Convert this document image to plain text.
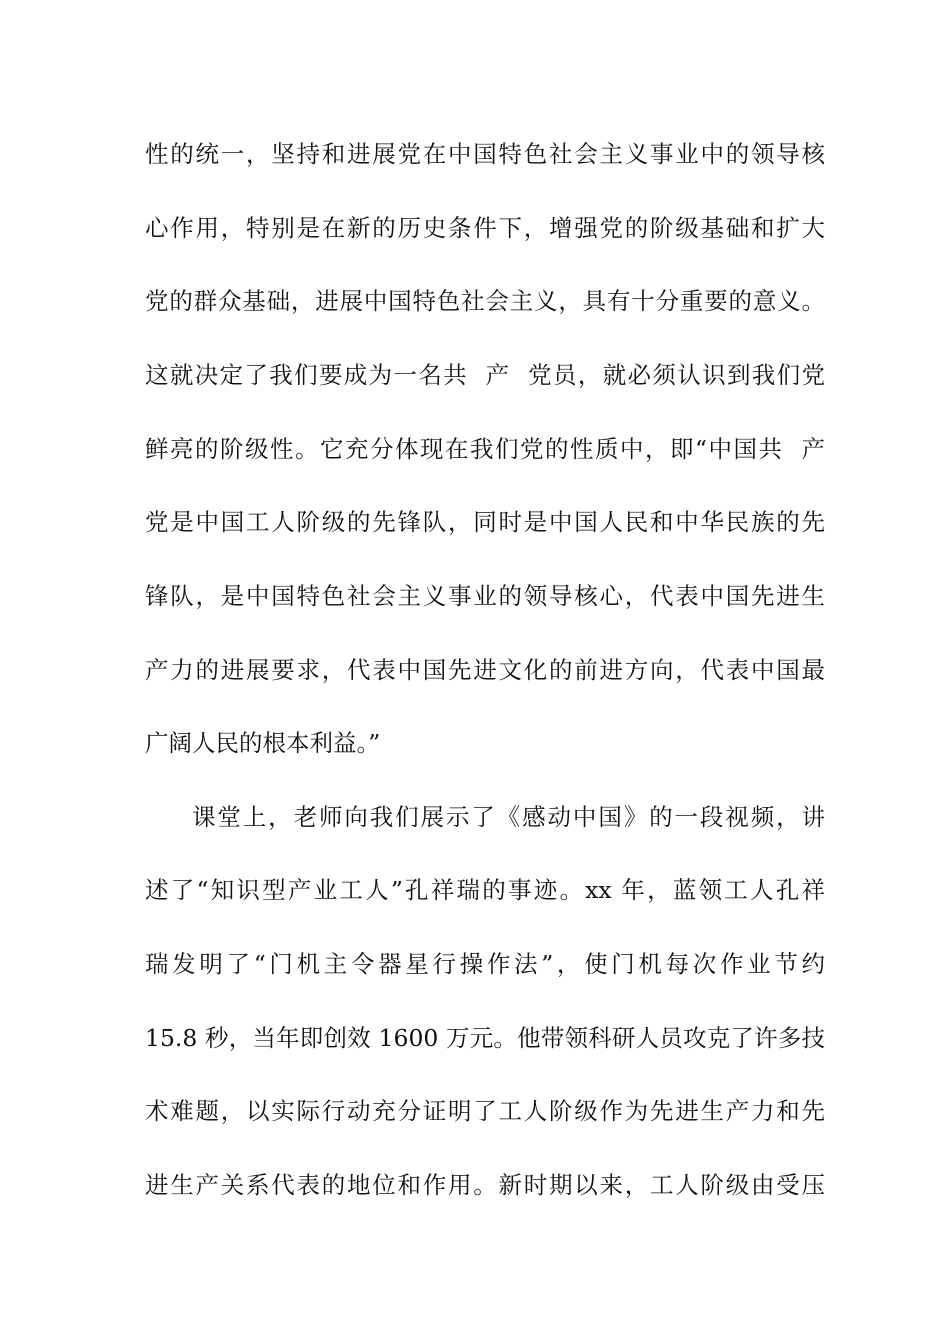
性的统一，坚持和进展党在中国特色社会主义事业中的领导核
心作用，特别是在新的历史条件下，增强党的阶级基础和扩大
党的群众基础，进展中国特色社会主义，具有十分重要的意义。
这就决定了我们要成为一名共  产  党员，就必须认识到我们党
鲜亮的阶级性。它充分体现在我们党的性质中，即“中国共  产
党是中国工人阶级的先锋队，同时是中国人民和中华民族的先
锋队，是中国特色社会主义事业的领导核心，代表中国先进生
产力的进展要求，代表中国先进文化的前进方向，代表中国最
广阔人民的根本利益。”
课堂上，老师向我们展示了《感动中国》的一段视频，讲
述了“知识型产业工人”孔祥瑞的事迹。xx 年，蓝领工人孔祥
瑞发明了“门机主令器星行操作法”，使门机每次作业节约
15.8 秒，当年即创效 1600 万元。他带领科研人员攻克了许多技
术难题，以实际行动充分证明了工人阶级作为先进生产力和先
进生产关系代表的地位和作用。新时期以来，工人阶级由受压
